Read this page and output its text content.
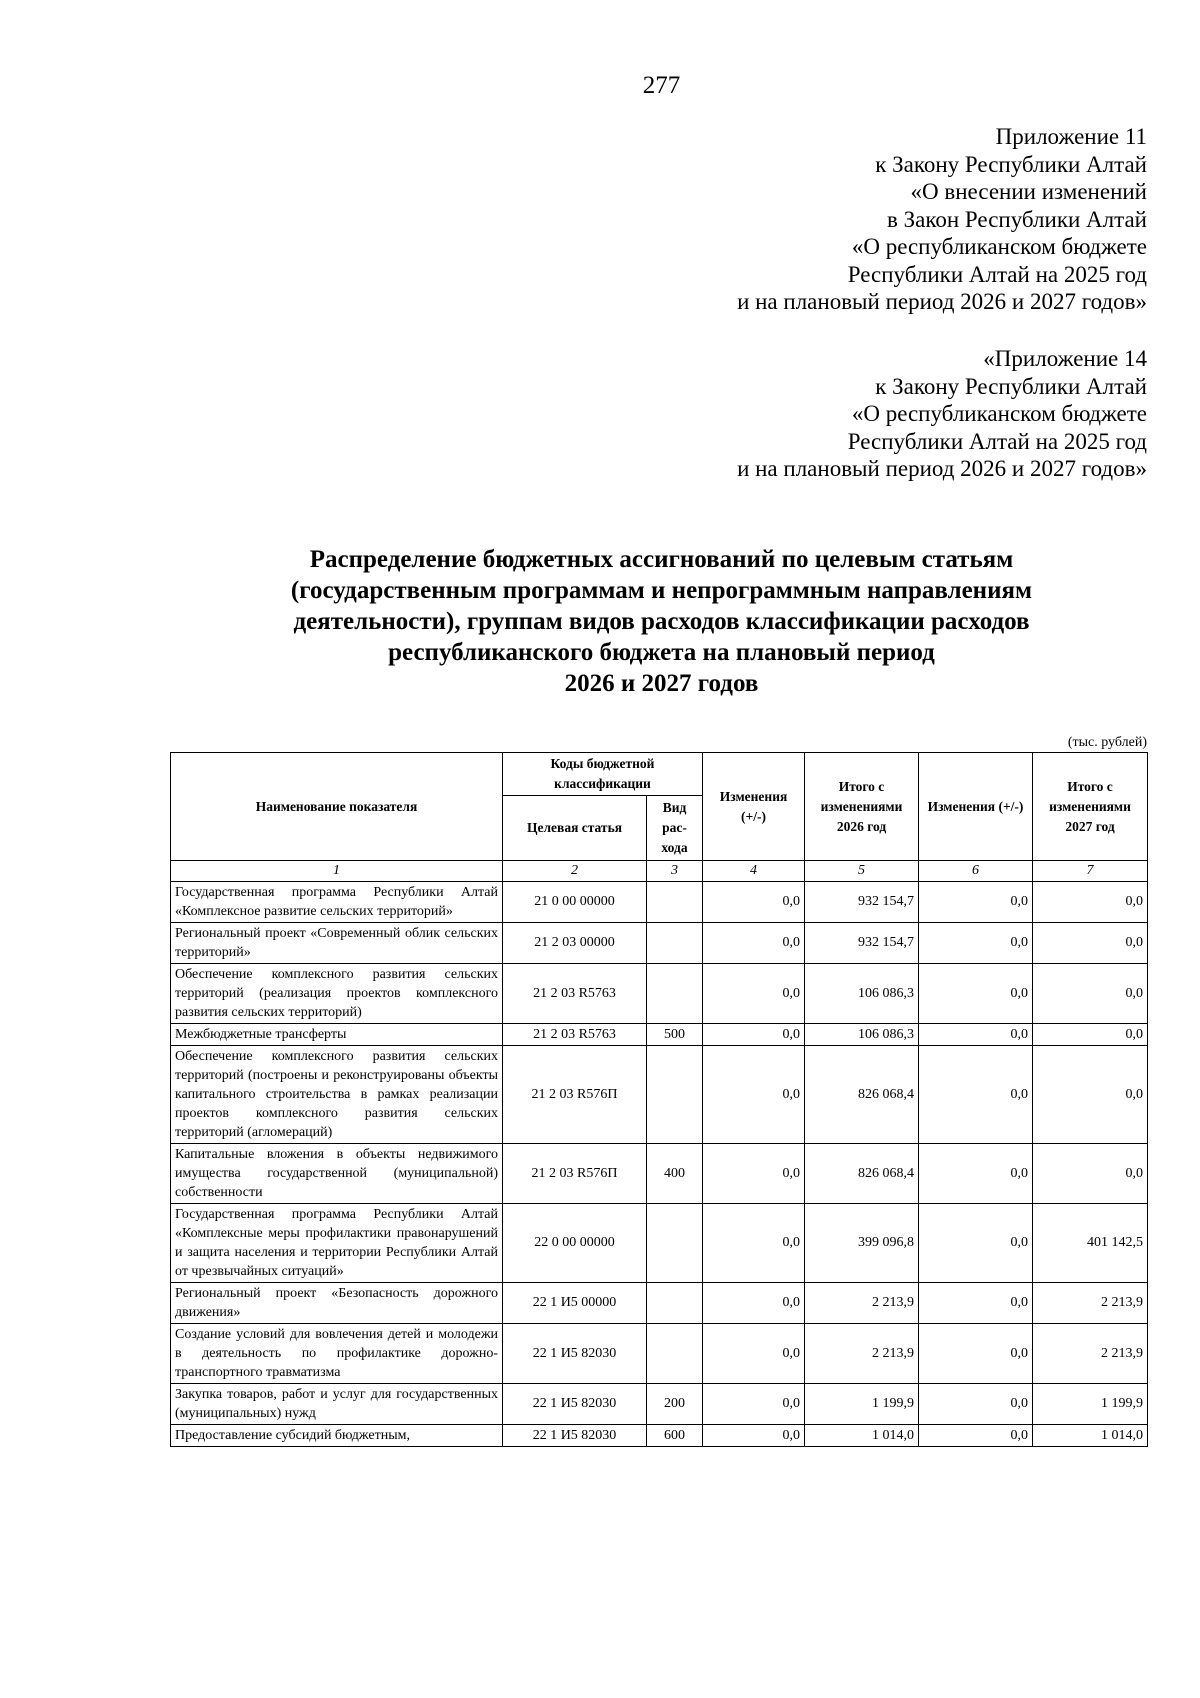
277
Приложение 11
к Закону Республики Алтай
«О внесении изменений
в Закон Республики Алтай
«О республиканском бюджете
Республики Алтай на 2025 год
и на плановый период 2026 и 2027 годов»
«Приложение 14
к Закону Республики Алтай
«О республиканском бюджете
Республики Алтай на 2025 год
и на плановый период 2026 и 2027 годов»
Распределение бюджетных ассигнований по целевым статьям
(государственным программам и непрограммным направлениям
деятельности), группам видов расходов классификации расходов
республиканского бюджета на плановый период
2026 и 2027 годов
(тыс. рублей)
Наименование показателя	Коды бюджетной классификации		Изменения (+/-)	Итого с изменениями 2026 год	Изменения (+/-)	Итого с изменениями 2027 год
	Целевая статья	Вид рас-хода				
1	2	3	4	5	6	7
Государственная программа Республики Алтай «Комплексное развитие сельских территорий»	21 0 00 00000		0,0	932 154,7	0,0	0,0
Региональный проект «Современный облик сельских территорий»	21 2 03 00000		0,0	932 154,7	0,0	0,0
Обеспечение комплексного развития сельских территорий (реализация проектов комплексного развития сельских территорий)	21 2 03 R5763		0,0	106 086,3	0,0	0,0
Межбюджетные трансферты	21 2 03 R5763	500	0,0	106 086,3	0,0	0,0
Обеспечение комплексного развития сельских территорий (построены и реконструированы объекты капитального строительства в рамках реализации проектов комплексного развития сельских территорий (агломераций)	21 2 03 R576П		0,0	826 068,4	0,0	0,0
Капитальные вложения в объекты недвижимого имущества государственной (муниципальной) собственности	21 2 03 R576П	400	0,0	826 068,4	0,0	0,0
Государственная программа Республики Алтай «Комплексные меры профилактики правонарушений и защита населения и территории Республики Алтай от чрезвычайных ситуаций»	22 0 00 00000		0,0	399 096,8	0,0	401 142,5
Региональный проект «Безопасность дорожного движения»	22 1 И5 00000		0,0	2 213,9	0,0	2 213,9
Создание условий для вовлечения детей и молодежи в деятельность по профилактике дорожно-транспортного травматизма	22 1 И5 82030		0,0	2 213,9	0,0	2 213,9
Закупка товаров, работ и услуг для государственных (муниципальных) нужд	22 1 И5 82030	200	0,0	1 199,9	0,0	1 199,9
Предоставление субсидий бюджетным,	22 1 И5 82030	600	0,0	1 014,0	0,0	1 014,0
